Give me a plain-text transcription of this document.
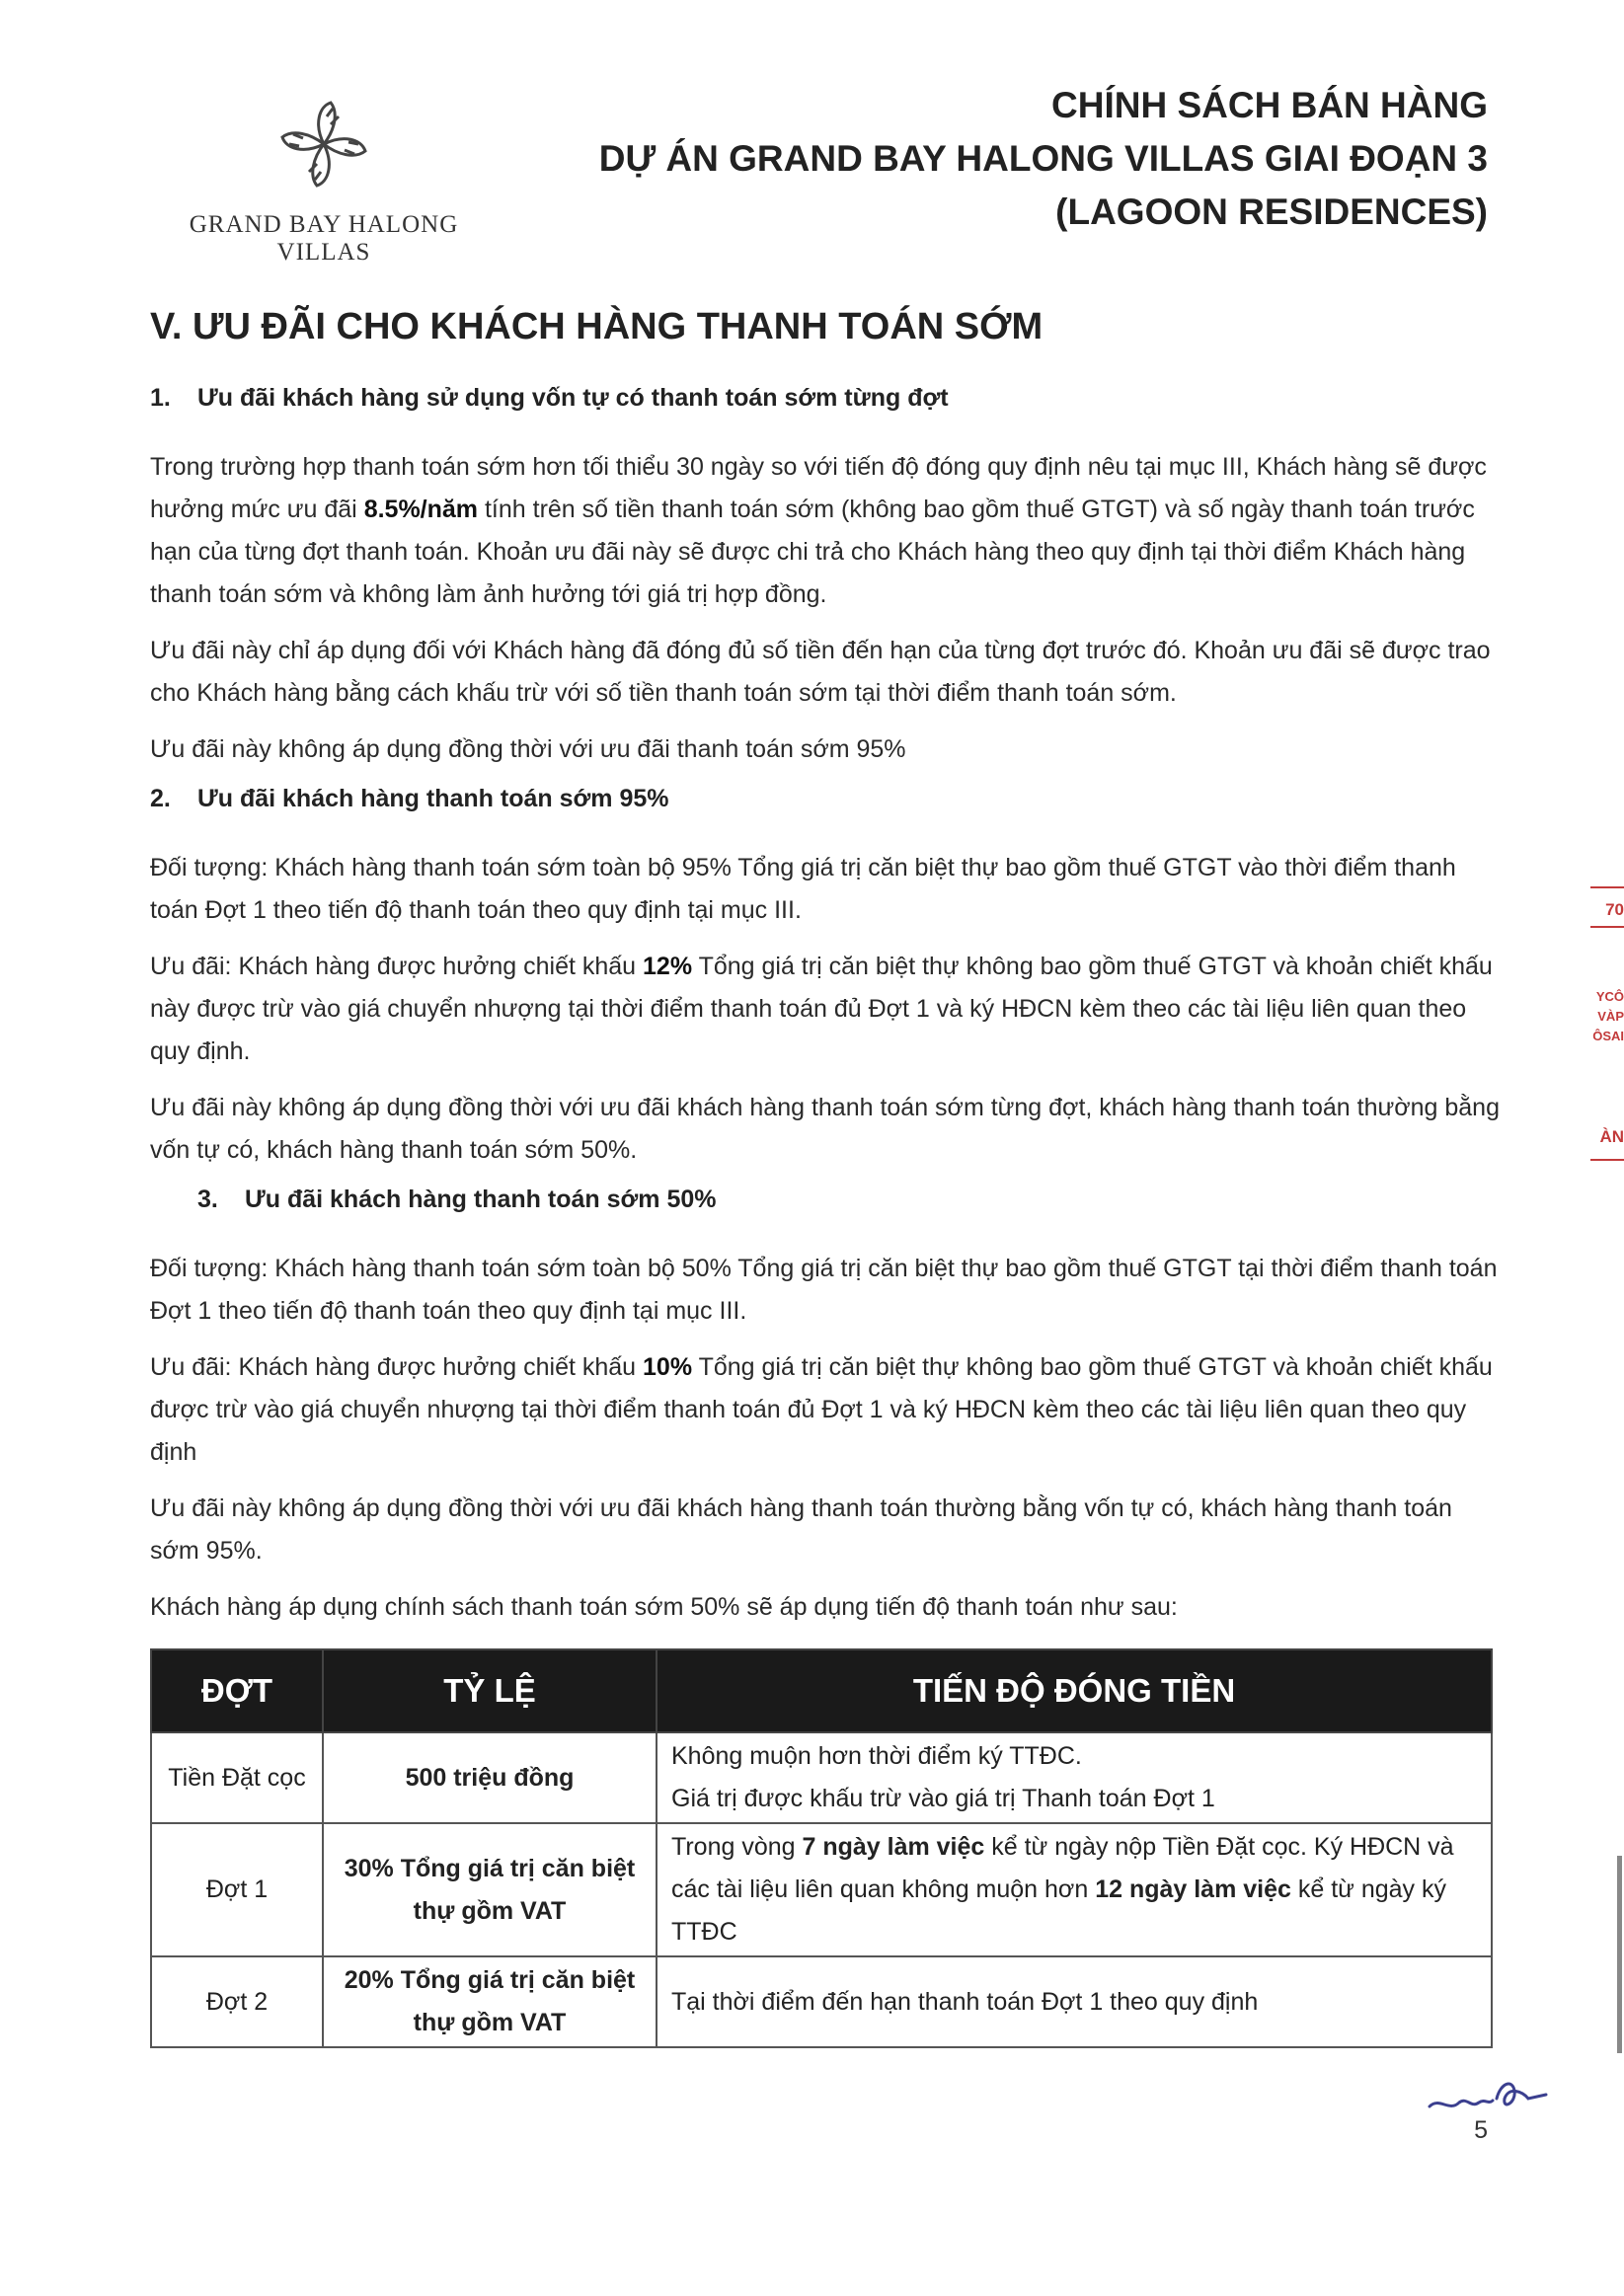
GRAND BAY HALONG VILLAS
CHÍNH SÁCH BÁN HÀNG
DỰ ÁN GRAND BAY HALONG VILLAS GIAI ĐOẠN 3
(LAGOON RESIDENCES)
V. ƯU ĐÃI CHO KHÁCH HÀNG THANH TOÁN SỚM
1. Ưu đãi khách hàng sử dụng vốn tự có thanh toán sớm từng đợt

Trong trường hợp thanh toán sớm hơn tối thiểu 30 ngày so với tiến độ đóng quy định nêu tại mục III, Khách hàng sẽ được hưởng mức ưu đãi 8.5%/năm tính trên số tiền thanh toán sớm (không bao gồm thuế GTGT) và số ngày thanh toán trước hạn của từng đợt thanh toán. Khoản ưu đãi này sẽ được chi trả cho Khách hàng theo quy định tại thời điểm Khách hàng thanh toán sớm và không làm ảnh hưởng tới giá trị hợp đồng.

Ưu đãi này chỉ áp dụng đối với Khách hàng đã đóng đủ số tiền đến hạn của từng đợt trước đó. Khoản ưu đãi sẽ được trao cho Khách hàng bằng cách khấu trừ với số tiền thanh toán sớm tại thời điểm thanh toán sớm.

Ưu đãi này không áp dụng đồng thời với ưu đãi thanh toán sớm 95%

2. Ưu đãi khách hàng thanh toán sớm 95%

Đối tượng: Khách hàng thanh toán sớm toàn bộ 95% Tổng giá trị căn biệt thự bao gồm thuế GTGT vào thời điểm thanh toán Đợt 1 theo tiến độ thanh toán theo quy định tại mục III.

Ưu đãi: Khách hàng được hưởng chiết khấu 12% Tổng giá trị căn biệt thự không bao gồm thuế GTGT và khoản chiết khấu này được trừ vào giá chuyển nhượng tại thời điểm thanh toán đủ Đợt 1 và ký HĐCN kèm theo các tài liệu liên quan theo quy định.

Ưu đãi này không áp dụng đồng thời với ưu đãi khách hàng thanh toán sớm từng đợt, khách hàng thanh toán thường bằng vốn tự có, khách hàng thanh toán sớm 50%.

3. Ưu đãi khách hàng thanh toán sớm 50%

Đối tượng: Khách hàng thanh toán sớm toàn bộ 50% Tổng giá trị căn biệt thự bao gồm thuế GTGT tại thời điểm thanh toán Đợt 1 theo tiến độ thanh toán theo quy định tại mục III.

Ưu đãi: Khách hàng được hưởng chiết khấu 10% Tổng giá trị căn biệt thự không bao gồm thuế GTGT và khoản chiết khấu được trừ vào giá chuyển nhượng tại thời điểm thanh toán đủ Đợt 1 và ký HĐCN kèm theo các tài liệu liên quan theo quy định

Ưu đãi này không áp dụng đồng thời với ưu đãi khách hàng thanh toán thường bằng vốn tự có, khách hàng thanh toán sớm 95%.

Khách hàng áp dụng chính sách thanh toán sớm 50% sẽ áp dụng tiến độ thanh toán như sau:

ĐỢT	TỶ LỆ	TIẾN ĐỘ ĐÓNG TIỀN
Tiền Đặt cọc	500 triệu đồng	Không muộn hơn thời điểm ký TTĐC.
Giá trị được khấu trừ vào giá trị Thanh toán Đợt 1

Đợt 1	30% Tổng giá trị căn biệt thự gồm VAT	Trong vòng 7 ngày làm việc kể từ ngày nộp Tiền Đặt cọc. Ký HĐCN và các tài liệu liên quan không muộn hơn 12 ngày làm việc kể từ ngày ký TTĐC
Đợt 2	20% Tổng giá trị căn biệt thự gồm VAT	Tại thời điểm đến hạn thanh toán Đợt 1 theo quy định
5
70
YCÔ
VÀP
ÔSAI
ÀN
